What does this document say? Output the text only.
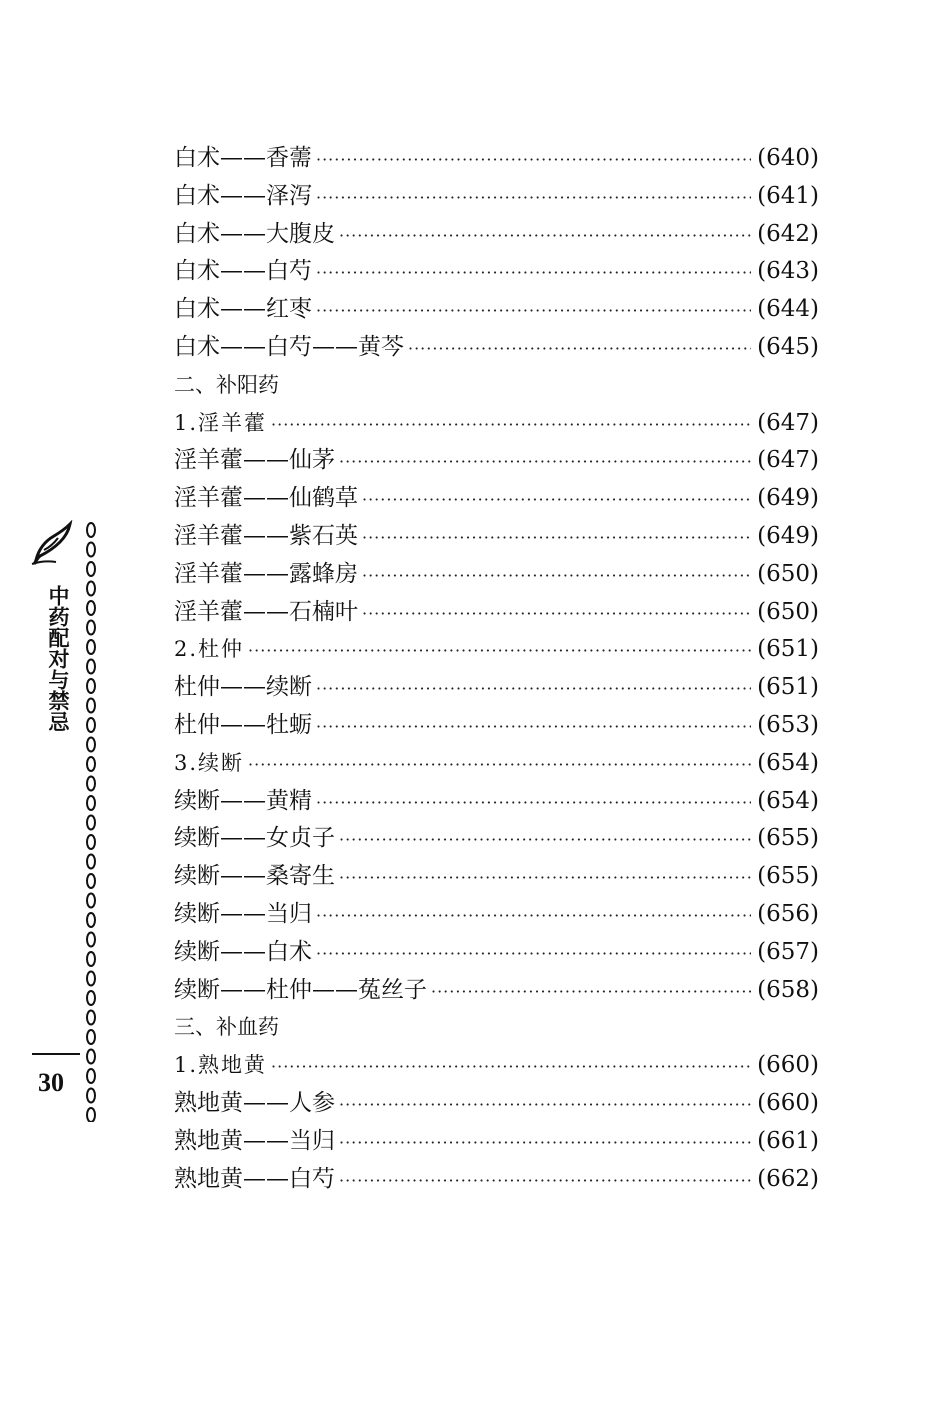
中药配对与禁忌
30
白术——香薷 ·····	(640)
白术——泽泻 ·····	(641)
白术——大腹皮 ·····	(642)
白术——白芍 ·····	(643)
白术——红枣 ·····	(644)
白术——白芍——黄芩 ·····	(645)
二、补阳药
1.淫羊藿 ·····	(647)
淫羊藿——仙茅 ·····	(647)
淫羊藿——仙鹤草 ·····	(649)
淫羊藿——紫石英 ·····	(649)
淫羊藿——露蜂房 ·····	(650)
淫羊藿——石楠叶 ·····	(650)
2.杜仲 ·····	(651)
杜仲——续断 ·····	(651)
杜仲——牡蛎 ·····	(653)
3.续断 ·····	(654)
续断——黄精 ·····	(654)
续断——女贞子 ·····	(655)
续断——桑寄生 ·····	(655)
续断——当归 ·····	(656)
续断——白术 ·····	(657)
续断——杜仲——菟丝子 ·····	(658)
三、补血药
1.熟地黄 ·····	(660)
熟地黄——人参 ·····	(660)
熟地黄——当归 ·····	(661)
熟地黄——白芍 ·····	(662)
